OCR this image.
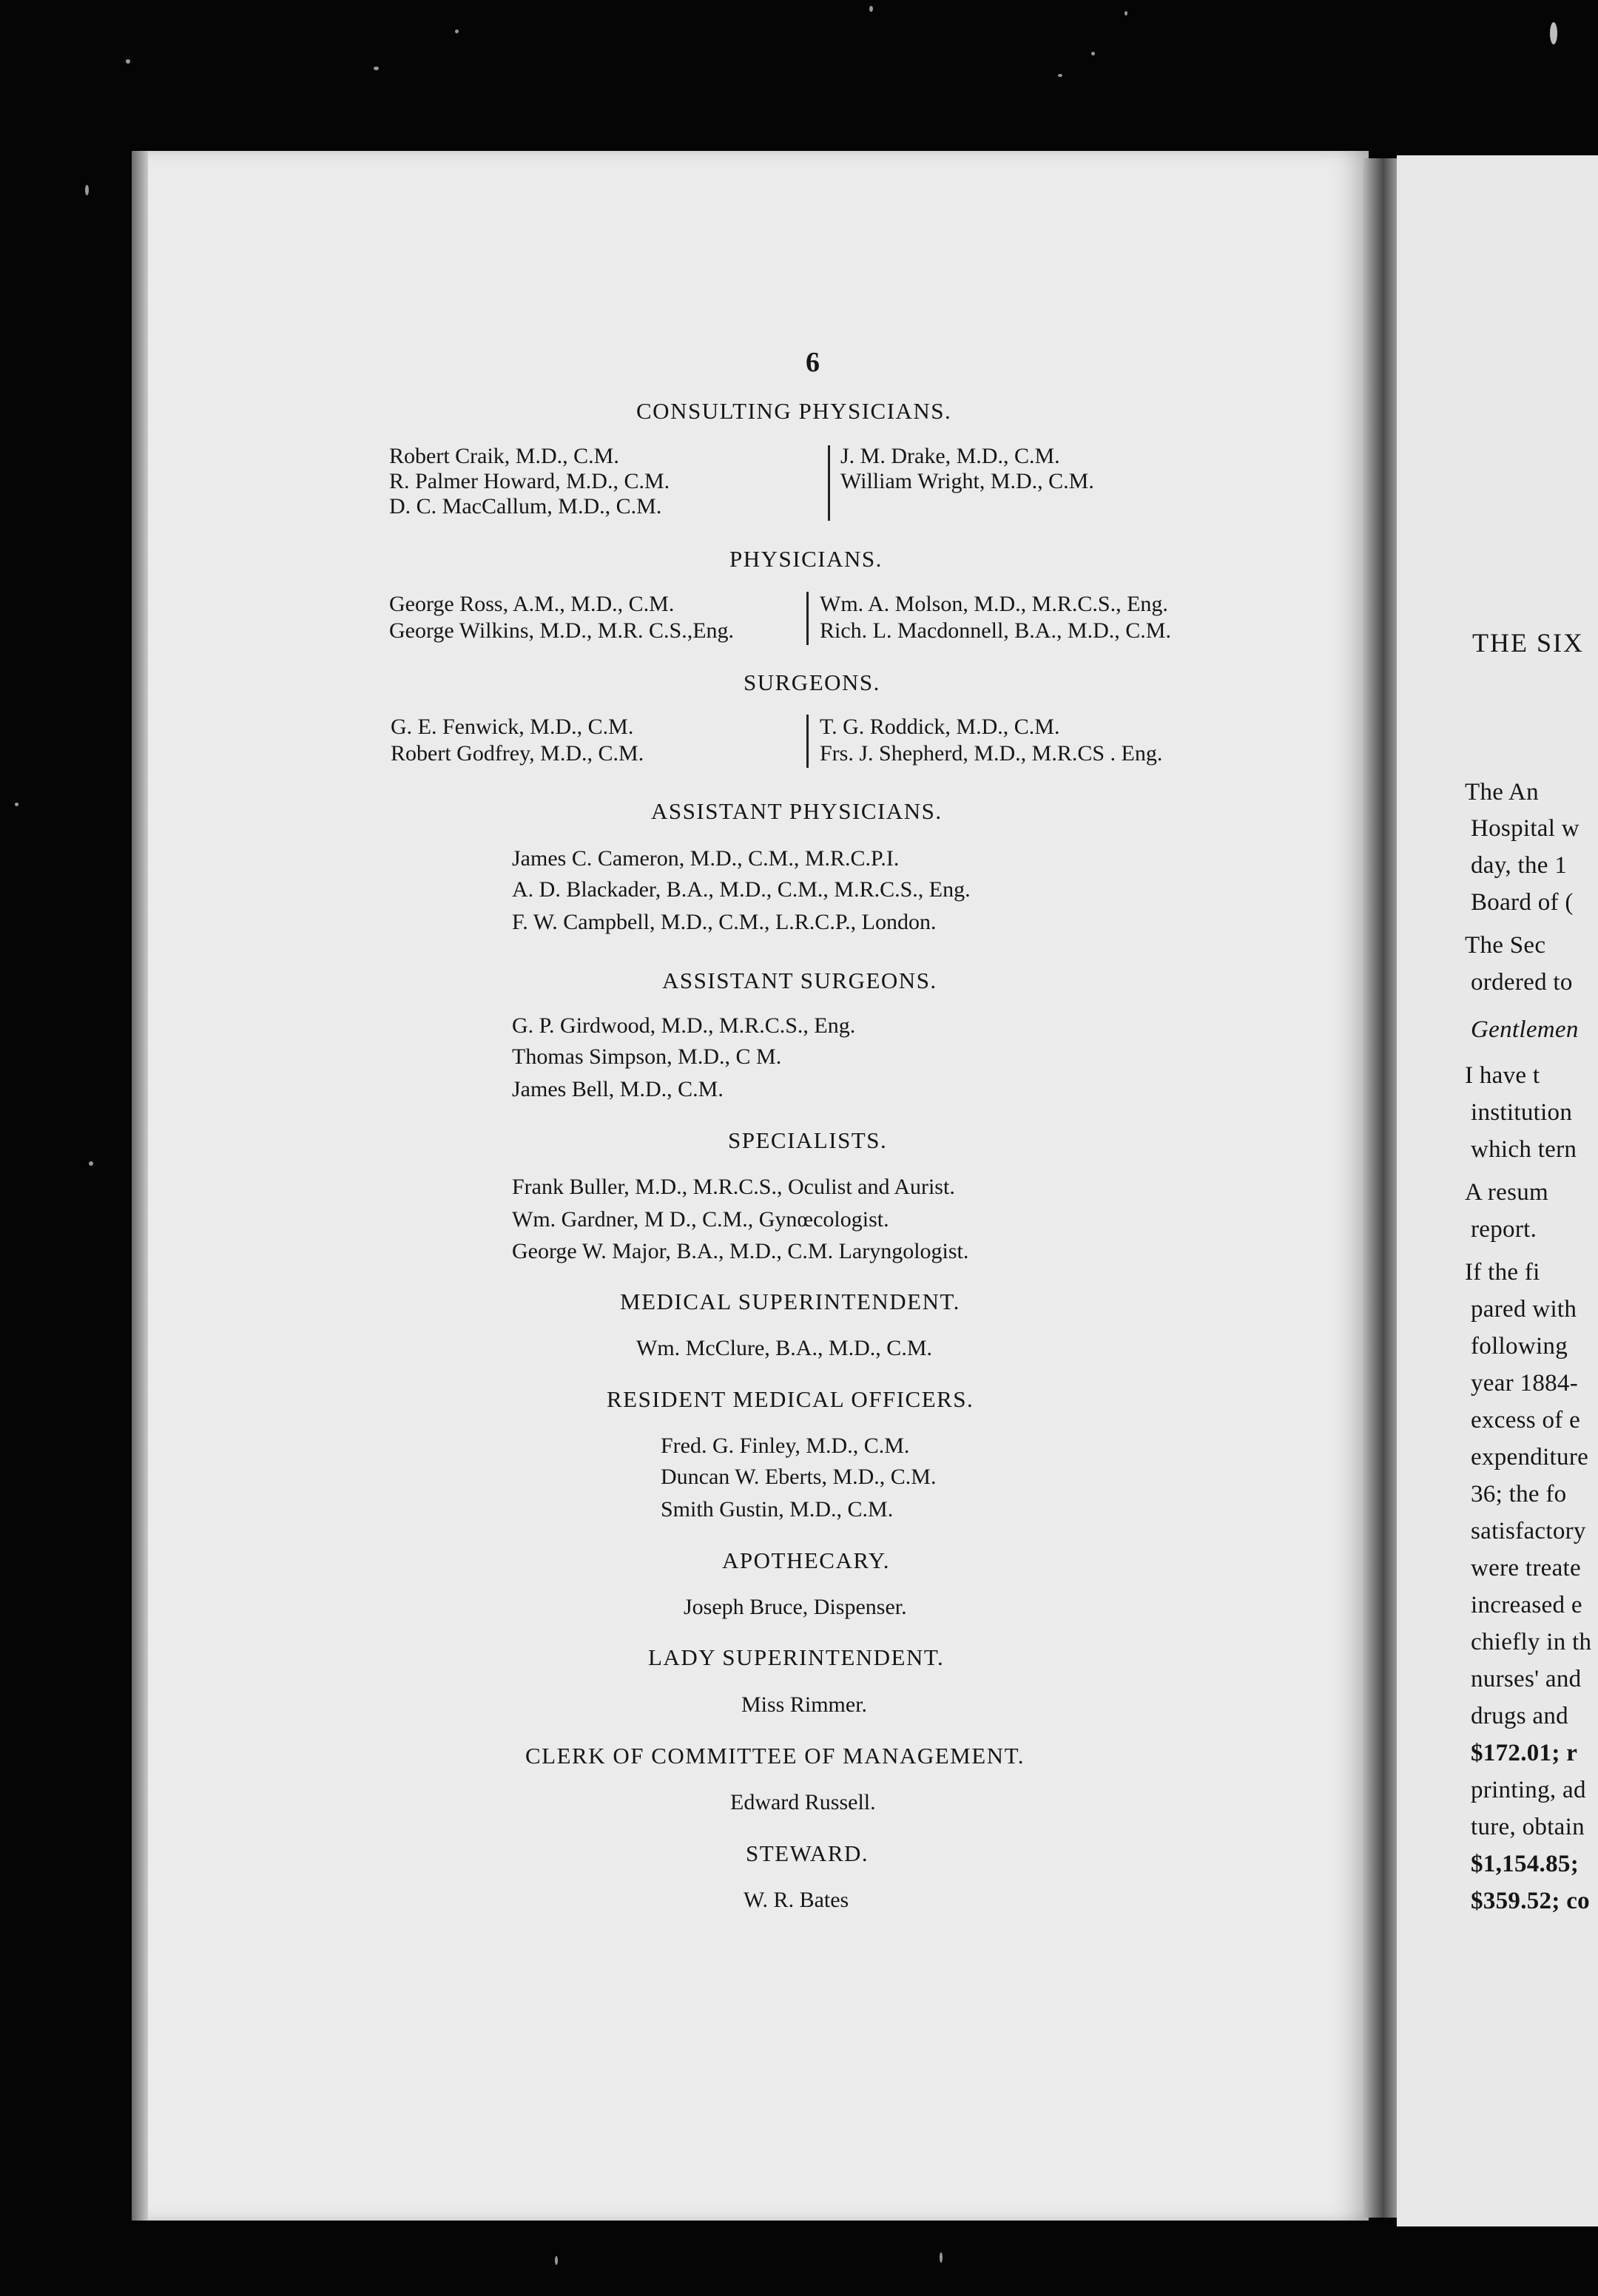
6
CONSULTING PHYSICIANS.
Robert Craik, M.D., C.M.
R. Palmer Howard, M.D., C.M.
D. C. MacCallum, M.D., C.M.
J. M. Drake, M.D., C.M.
William Wright, M.D., C.M.
PHYSICIANS.
George Ross, A.M., M.D., C.M.
George Wilkins, M.D., M.R. C.S.,Eng.
Wm. A. Molson, M.D., M.R.C.S., Eng.
Rich. L. Macdonnell, B.A., M.D., C.M.
SURGEONS.
G. E. Fenwick, M.D., C.M.
Robert Godfrey, M.D., C.M.
T. G. Roddick, M.D., C.M.
Frs. J. Shepherd, M.D., M.R.CS . Eng.
ASSISTANT PHYSICIANS.
James C. Cameron, M.D., C.M., M.R.C.P.I.
A. D. Blackader, B.A., M.D., C.M., M.R.C.S., Eng.
F. W. Campbell, M.D., C.M., L.R.C.P., London.
ASSISTANT SURGEONS.
G. P. Girdwood, M.D., M.R.C.S., Eng.
Thomas Simpson, M.D., C M.
James Bell, M.D., C.M.
SPECIALISTS.
Frank Buller, M.D., M.R.C.S., Oculist and Aurist.
Wm. Gardner, M D., C.M., Gynœcologist.
George W. Major, B.A., M.D., C.M. Laryngologist.
MEDICAL SUPERINTENDENT.
Wm. McClure, B.A., M.D., C.M.
RESIDENT MEDICAL OFFICERS.
Fred. G. Finley, M.D., C.M.
Duncan W. Eberts, M.D., C.M.
Smith Gustin, M.D., C.M.
APOTHECARY.
Joseph Bruce, Dispenser.
LADY SUPERINTENDENT.
Miss Rimmer.
CLERK OF COMMITTEE OF MANAGEMENT.
Edward Russell.
STEWARD.
W. R. Bates
THE SIX
The An
Hospital w
day, the 1
Board of (
The Sec
ordered to
Gentlemen
I have t
institution
which tern
A resum
report.
If the fi
pared with
following
year 1884-
excess of e
expenditure
36; the fo
satisfactory
were treate
increased e
chiefly in th
nurses' and
drugs and
$172.01; r
printing, ad
ture, obtain
$1,154.85;
$359.52; co
